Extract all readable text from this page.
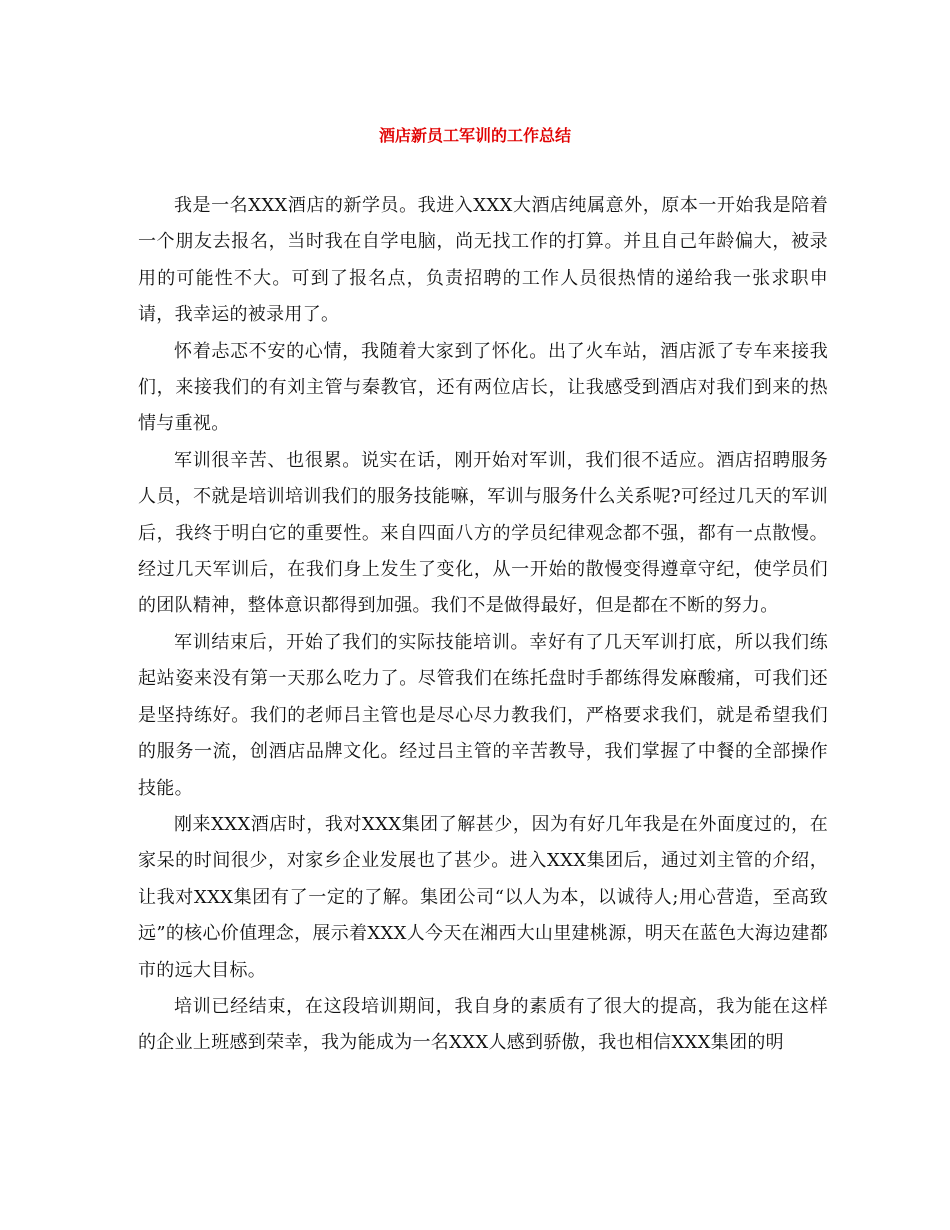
酒店新员工军训的工作总结

我是一名XXX酒店的新学员。我进入XXX大酒店纯属意外，原本一开始我是陪着一个朋友去报名，当时我在自学电脑，尚无找工作的打算。并且自己年龄偏大，被录用的可能性不大。可到了报名点，负责招聘的工作人员很热情的递给我一张求职申请，我幸运的被录用了。

怀着忐忑不安的心情，我随着大家到了怀化。出了火车站，酒店派了专车来接我们，来接我们的有刘主管与秦教官，还有两位店长，让我感受到酒店对我们到来的热情与重视。

军训很辛苦、也很累。说实在话，刚开始对军训，我们很不适应。酒店招聘服务人员，不就是培训培训我们的服务技能嘛，军训与服务什么关系呢?可经过几天的军训后，我终于明白它的重要性。来自四面八方的学员纪律观念都不强，都有一点散慢。经过几天军训后，在我们身上发生了变化，从一开始的散慢变得遵章守纪，使学员们的团队精神，整体意识都得到加强。我们不是做得最好，但是都在不断的努力。

军训结束后，开始了我们的实际技能培训。幸好有了几天军训打底，所以我们练起站姿来没有第一天那么吃力了。尽管我们在练托盘时手都练得发麻酸痛，可我们还是坚持练好。我们的老师吕主管也是尽心尽力教我们，严格要求我们，就是希望我们的服务一流，创酒店品牌文化。经过吕主管的辛苦教导，我们掌握了中餐的全部操作技能。

刚来XXX酒店时，我对XXX集团了解甚少，因为有好几年我是在外面度过的，在家呆的时间很少，对家乡企业发展也了甚少。进入XXX集团后，通过刘主管的介绍，让我对XXX集团有了一定的了解。集团公司“以人为本，以诚待人;用心营造，至高致远”的核心价值理念，展示着XXX人今天在湘西大山里建桃源，明天在蓝色大海边建都市的远大目标。

培训已经结束，在这段培训期间，我自身的素质有了很大的提高，我为能在这样的企业上班感到荣幸，我为能成为一名XXX人感到骄傲，我也相信XXX集团的明
